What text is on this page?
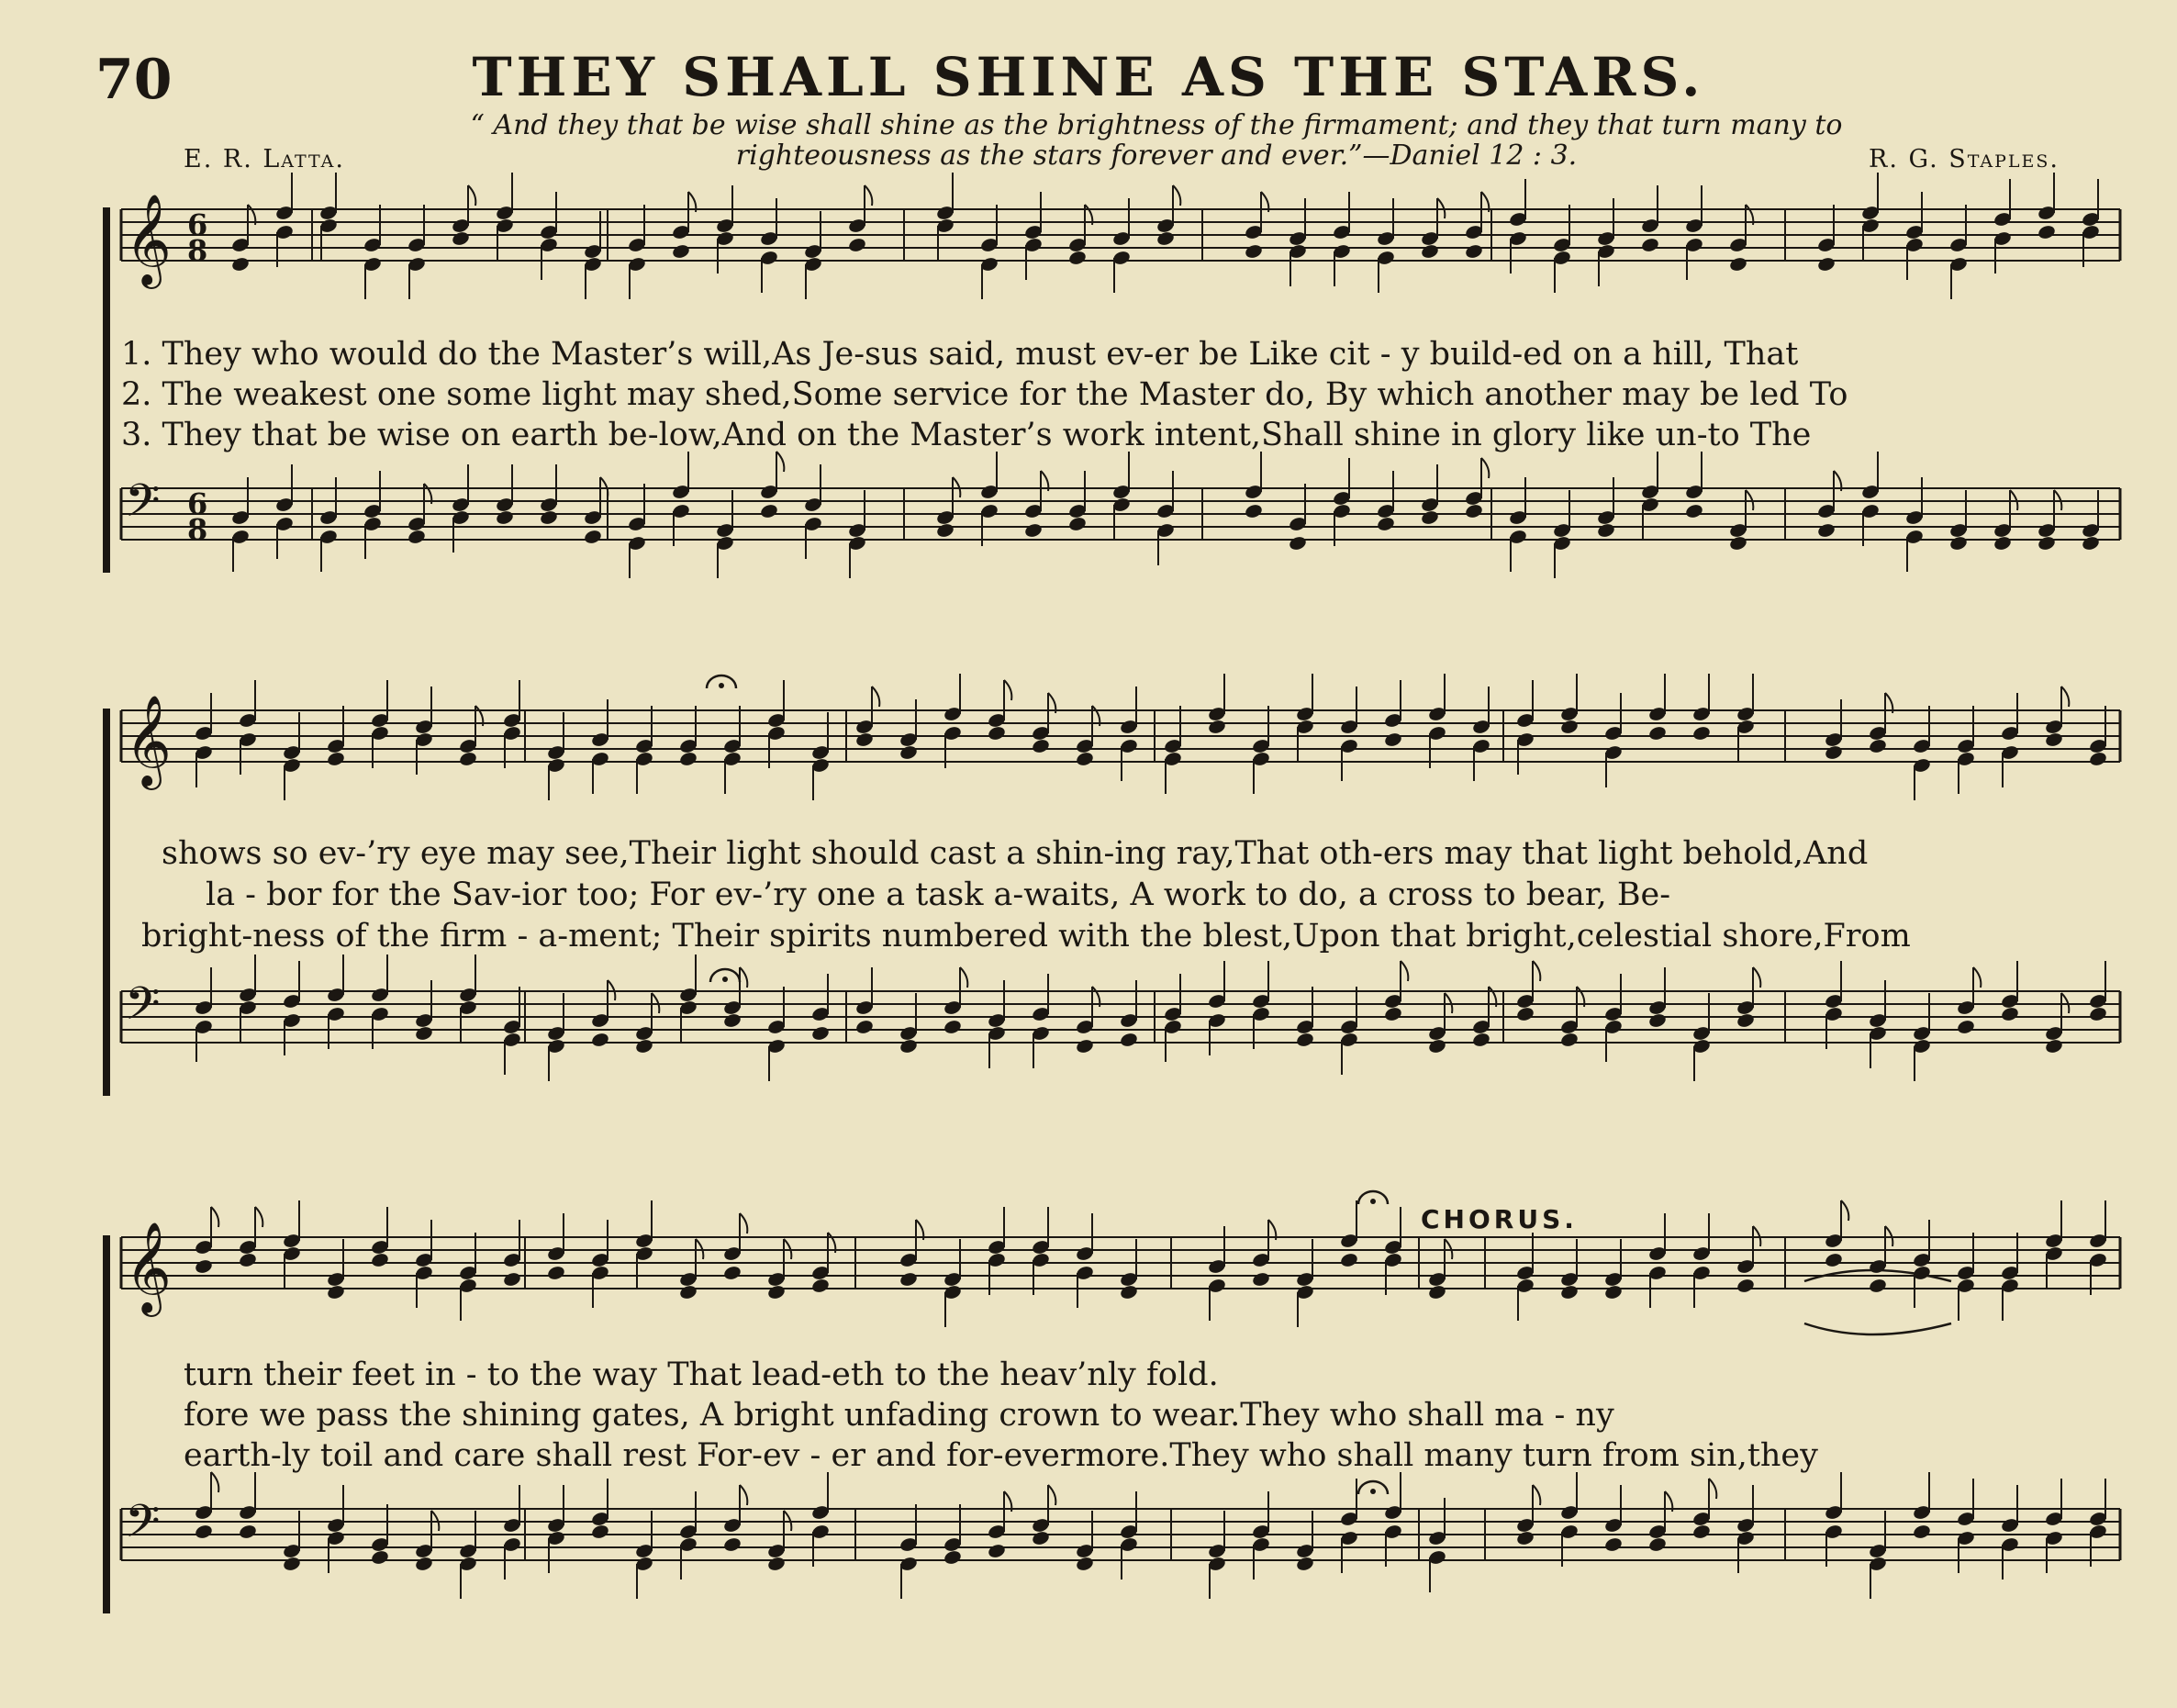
70	THEY SHALL SHINE AS THE STARS.
“ And they that be wise shall shine as the brightness of the firmament; and they that turn many to
righteousness as the stars forever and ever.”—Daniel 12 : 3.
E. R. Latta.	R. G. Staples.
𝄞 6
8
𝄢 6
8
𝄞
𝄢
𝄞
𝄢
1. They who would do the Master’s will,As Je-sus said, must ev-er be Like cit - y build-ed on a hill, That
2. The weakest one some light may shed,Some service for the Master do, By which another may be led To
3. They that be wise on earth be-low,And on the Master’s work intent,Shall shine in glory like un-to The
shows so ev-’ry eye may see,Their light should cast a shin-ing ray,That oth-ers may that light behold,And
la - bor for the Sav-ior too; For ev-’ry one a task a-waits, A work to do, a cross to bear, Be-
bright-ness of the firm - a-ment; Their spirits numbered with the blest,Upon that bright,celestial shore,From
CHORUS.
turn their feet in - to the way That lead-eth to the heav’nly fold.
fore we pass the shining gates, A bright unfading crown to wear.They who shall ma - ny
earth-ly toil and care shall rest For-ev - er and for-evermore.They who shall many turn from sin,they
